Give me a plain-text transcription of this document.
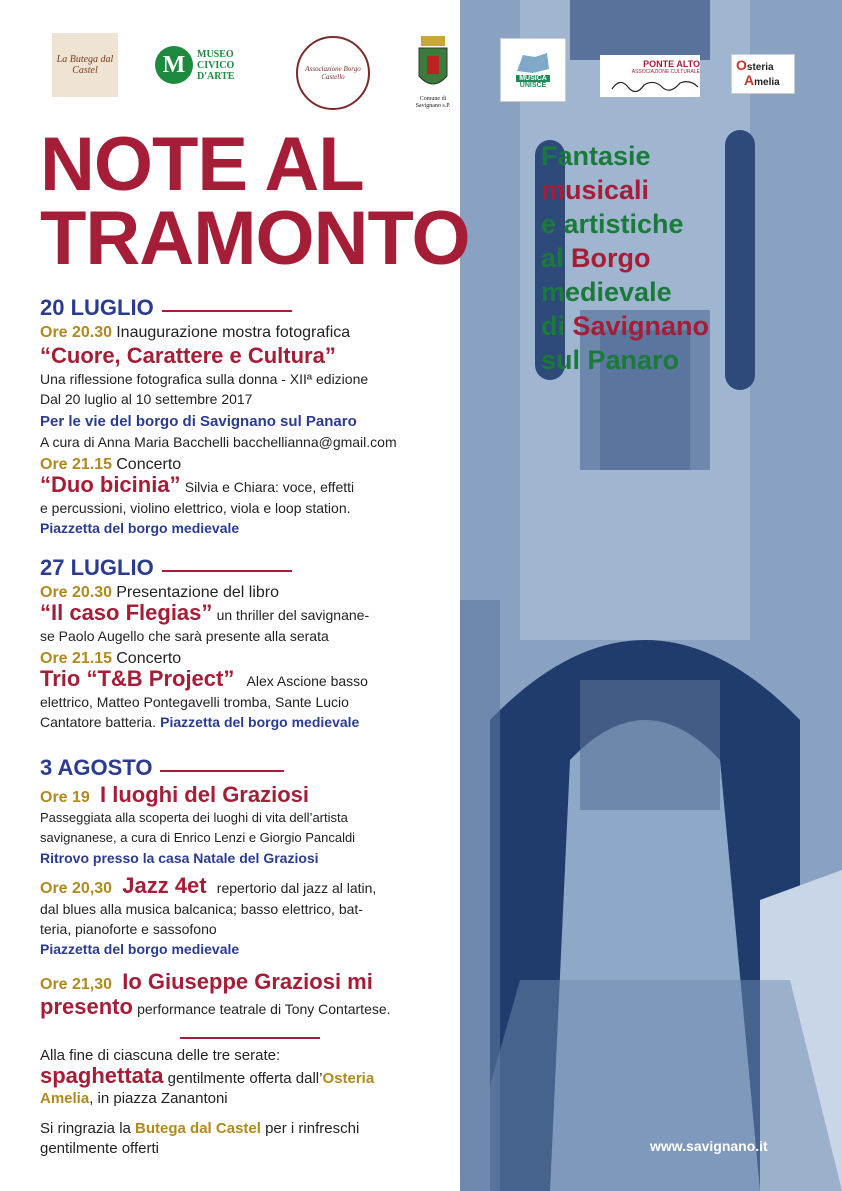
La Butega dal Castel	M	MUSEO
CIVICO
D'ARTE
Associazione Borgo Castello
Comune di Savignano s.P.
MUSICA
UNISCE
PONTE ALTO
ASSOCIAZIONE CULTURALE	Osteria
Amelia
NOTE AL
TRAMONTO
Fantasie
musicali
e artistiche
al Borgo
medievale
di Savignano
sul Panaro
20 LUGLIO
Ore 20.30 Inaugurazione mostra fotografica
“Cuore, Carattere e Cultura”
Una riflessione fotografica sulla donna - XIIª edizione
Dal 20 luglio al 10 settembre 2017
Per le vie del borgo di Savignano sul Panaro
A cura di Anna Maria Bacchelli bacchellianna@gmail.com
Ore 21.15 Concerto
“Duo bicinia” Silvia e Chiara: voce, effetti
e percussioni, violino elettrico, viola e loop station.
Piazzetta del borgo medievale
27 LUGLIO
Ore 20.30 Presentazione del libro
“Il caso Flegias” un thriller del savignane-
se Paolo Augello che sarà presente alla serata
Ore 21.15 Concerto
Trio “T&B Project” Alex Ascione basso
elettrico, Matteo Pontegavelli tromba, Sante Lucio
Cantatore batteria. Piazzetta del borgo medievale
3 AGOSTO
Ore 19 I luoghi del Graziosi
Passeggiata alla scoperta dei luoghi di vita dell’artista
savignanese, a cura di Enrico Lenzi e Giorgio Pancaldi
Ritrovo presso la casa Natale del Graziosi
Ore 20,30 Jazz 4et repertorio dal jazz al latin,
dal blues alla musica balcanica; basso elettrico, bat-
teria, pianoforte e sassofono
Piazzetta del borgo medievale
Ore 21,30 Io Giuseppe Graziosi mi
presento performance teatrale di Tony Contartese.
Alla fine di ciascuna delle tre serate:
spaghettata gentilmente offerta dall’Osteria
Amelia, in piazza Zanantoni
Si ringrazia la Butega dal Castel per i rinfreschi
gentilmente offerti	www.savignano.it
